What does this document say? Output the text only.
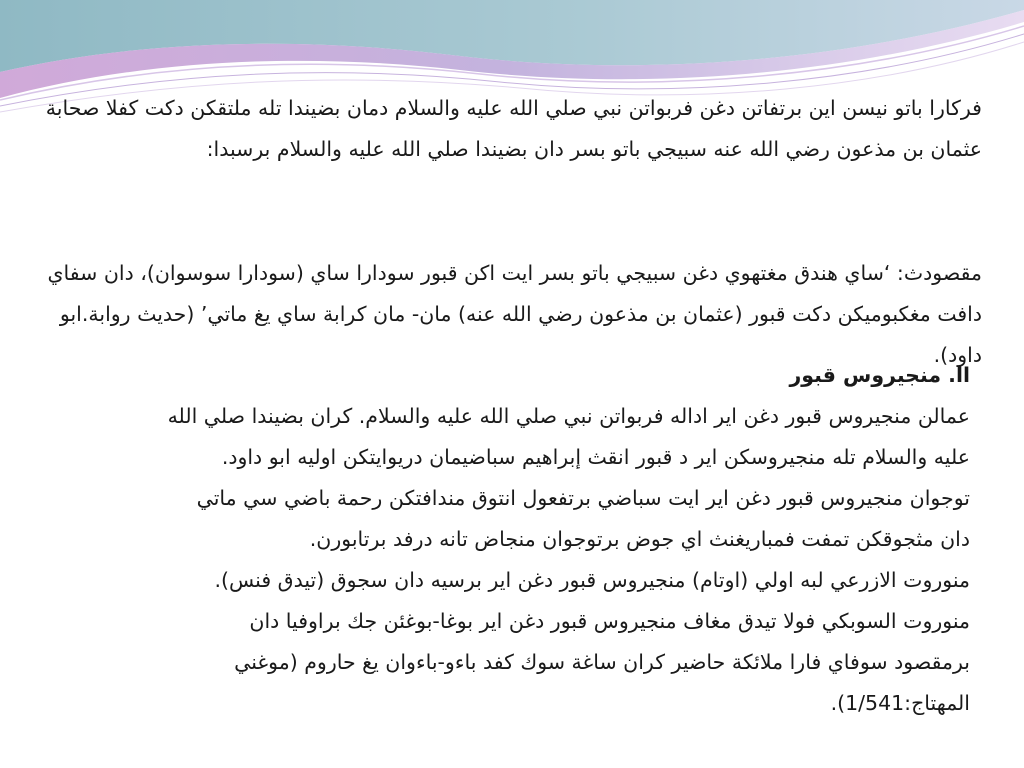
فركارا باتو نيسن اين برتفاتن دغن فربواتن نبي صلي الله عليه والسلام دمان بضيندا تله ملتقكن دكت كفلا صحابة عثمان بن مذعون رضي الله عنه سبيجي باتو بسر دان بضيندا صلي الله عليه والسلام برسبدا:

مقصودث: ‘ساي هندق مغتهوي دغن سبيجي باتو بسر ايت اكن قبور سودارا ساي (سودارا سوسوان)، دان سفاي دافت مغكبوميكن دكت قبور (عثمان بن مذعون رضي الله عنه) مان- مان كرابة ساي يغ ماتي’ (حديث روابة.ابو داود).

اا. منجيروس قبور
عمالن منجيروس قبور دغن اير اداله فربواتن نبي صلي الله عليه والسلام. كران بضيندا صلي الله
عليه والسلام تله منجيروسكن اير د قبور انقث إبراهيم سباضيمان دريوايتكن اوليه ابو داود.
توجوان منجيروس قبور دغن اير ايت سباضي برتفعول انتوق مندافتكن رحمة باضي سي ماتي
دان مثجوقكن تمفت فمباريغنث اي جوض برتوجوان منجاض تانه درفد برتابورن.
منوروت الازرعي لبه اولي (اوتام) منجيروس قبور دغن اير برسيه دان سجوق (تيدق فنس).
منوروت السوبكي فولا تيدق مغاف منجيروس قبور دغن اير بوغا-بوغئن جك براوفيا دان
برمقصود سوفاي فارا ملائكة حاضير كران ساغة سوك كفد باءو-باءوان يغ حاروم (موغني
المهتاج:1/541).
